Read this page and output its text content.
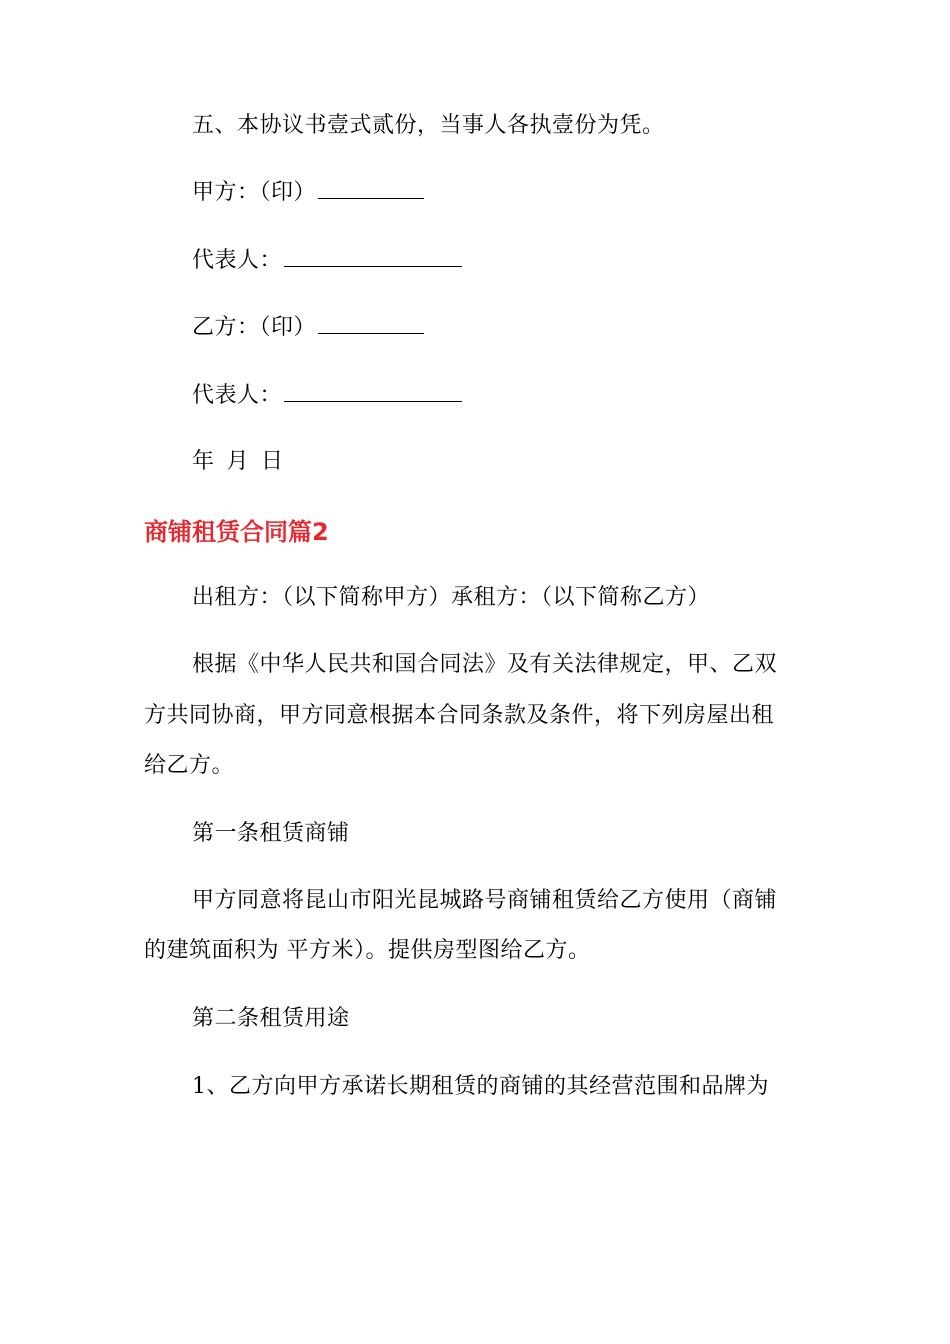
五、本协议书壹式贰份，当事人各执壹份为凭。
甲方：（印）
代表人：
乙方：（印）
代表人：
年 月 日
商铺租赁合同篇2
出租方：（以下简称甲方）承租方：（以下简称乙方）
根据《中华人民共和国合同法》及有关法律规定，甲、乙双
方共同协商，甲方同意根据本合同条款及条件，将下列房屋出租
给乙方。
第一条租赁商铺
甲方同意将昆山市阳光昆城路号商铺租赁给乙方使用（商铺
的建筑面积为 平方米）。提供房型图给乙方。
第二条租赁用途
1、乙方向甲方承诺长期租赁的商铺的其经营范围和品牌为
